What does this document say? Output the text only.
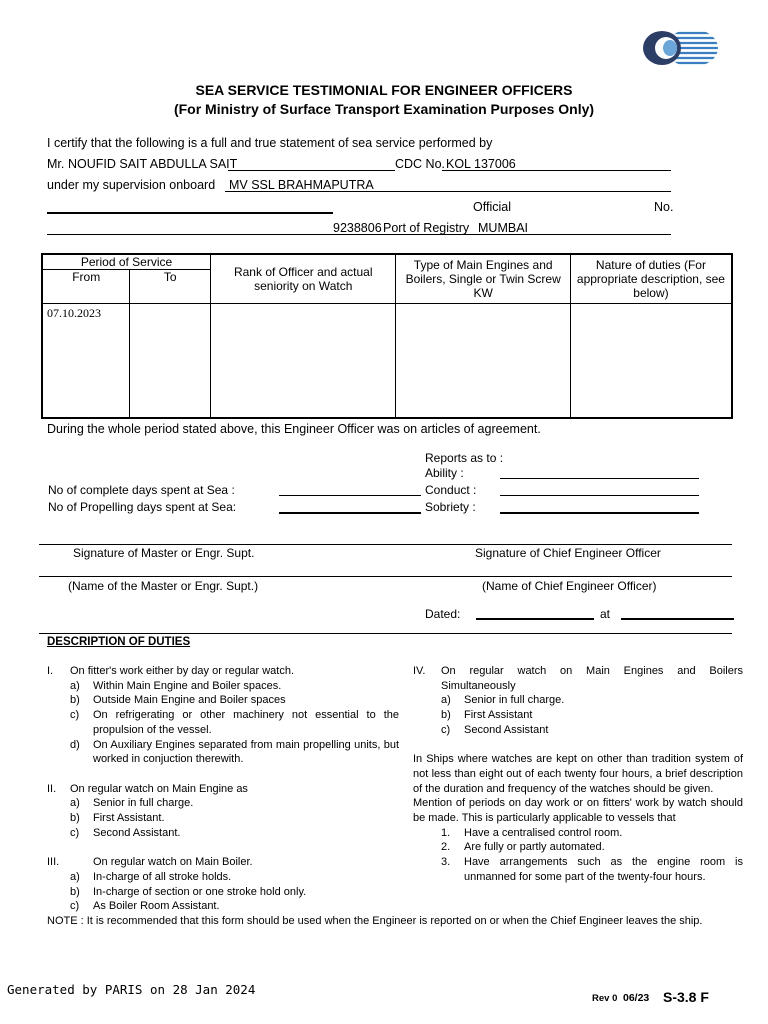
SEA SERVICE TESTIMONIAL FOR ENGINEER OFFICERS
(For Ministry of Surface Transport Examination Purposes Only)
I certify that the following is a full and true statement of sea service performed by
Mr. NOUFID SAIT ABDULLA SAIT	CDC No. KOL 137006
under my supervision onboard MV SSL BRAHMAPUTRA
Official	No.
9238806 Port of Registry MUMBAI
Period of Service		Rank of Officer and actual seniority on Watch	Type of Main Engines and Boilers, Single or Twin Screw KW	Nature of duties (For appropriate description, see below)
From	To			
07.10.2023				
During the whole period stated above, this Engineer Officer was on articles of agreement.
Reports as to :
Ability :
No of complete days spent at Sea :	Conduct :
No of Propelling days spent at Sea:	Sobriety :
Signature of Master or Engr. Supt.	Signature of Chief Engineer Officer
(Name of the Master or Engr. Supt.)	(Name of Chief Engineer Officer)
Dated:	at
DESCRIPTION OF DUTIES
I.	On fitter's work either by day or regular watch.
a)	Within Main Engine and Boiler spaces.
b)	Outside Main Engine and Boiler spaces
c)	On refrigerating or other machinery not essential to the propulsion of the vessel.
d)	On Auxiliary Engines separated from main propelling units, but worked in conjuction therewith.
II.	On regular watch on Main Engine as
a)	Senior in full charge.
b)	First Assistant.
c)	Second Assistant.
III.	On regular watch on Main Boiler.
a)	In-charge of all stroke holds.
b)	In-charge of section or one stroke hold only.
c)	As Boiler Room Assistant.
IV.	On regular watch on Main Engines and Boilers Simultaneously
a)	Senior in full charge.
b)	First Assistant
c)	Second Assistant

In Ships where watches are kept on other than tradition system of not less than eight out of each twenty four hours, a brief description of the duration and frequency of the watches should be given.

Mention of periods on day work or on fitters' work by watch should be made. This is particularly applicable to vessels that

1.	Have a centralised control room.
2.	Are fully or partly automated.
3.	Have arrangements such as the engine room is unmanned for some part of the twenty-four hours.
NOTE : It is recommended that this form should be used when the Engineer is reported on or when the Chief Engineer leaves the ship.
Generated by PARIS on 28 Jan 2024
Rev 0 06/23 S-3.8 F
